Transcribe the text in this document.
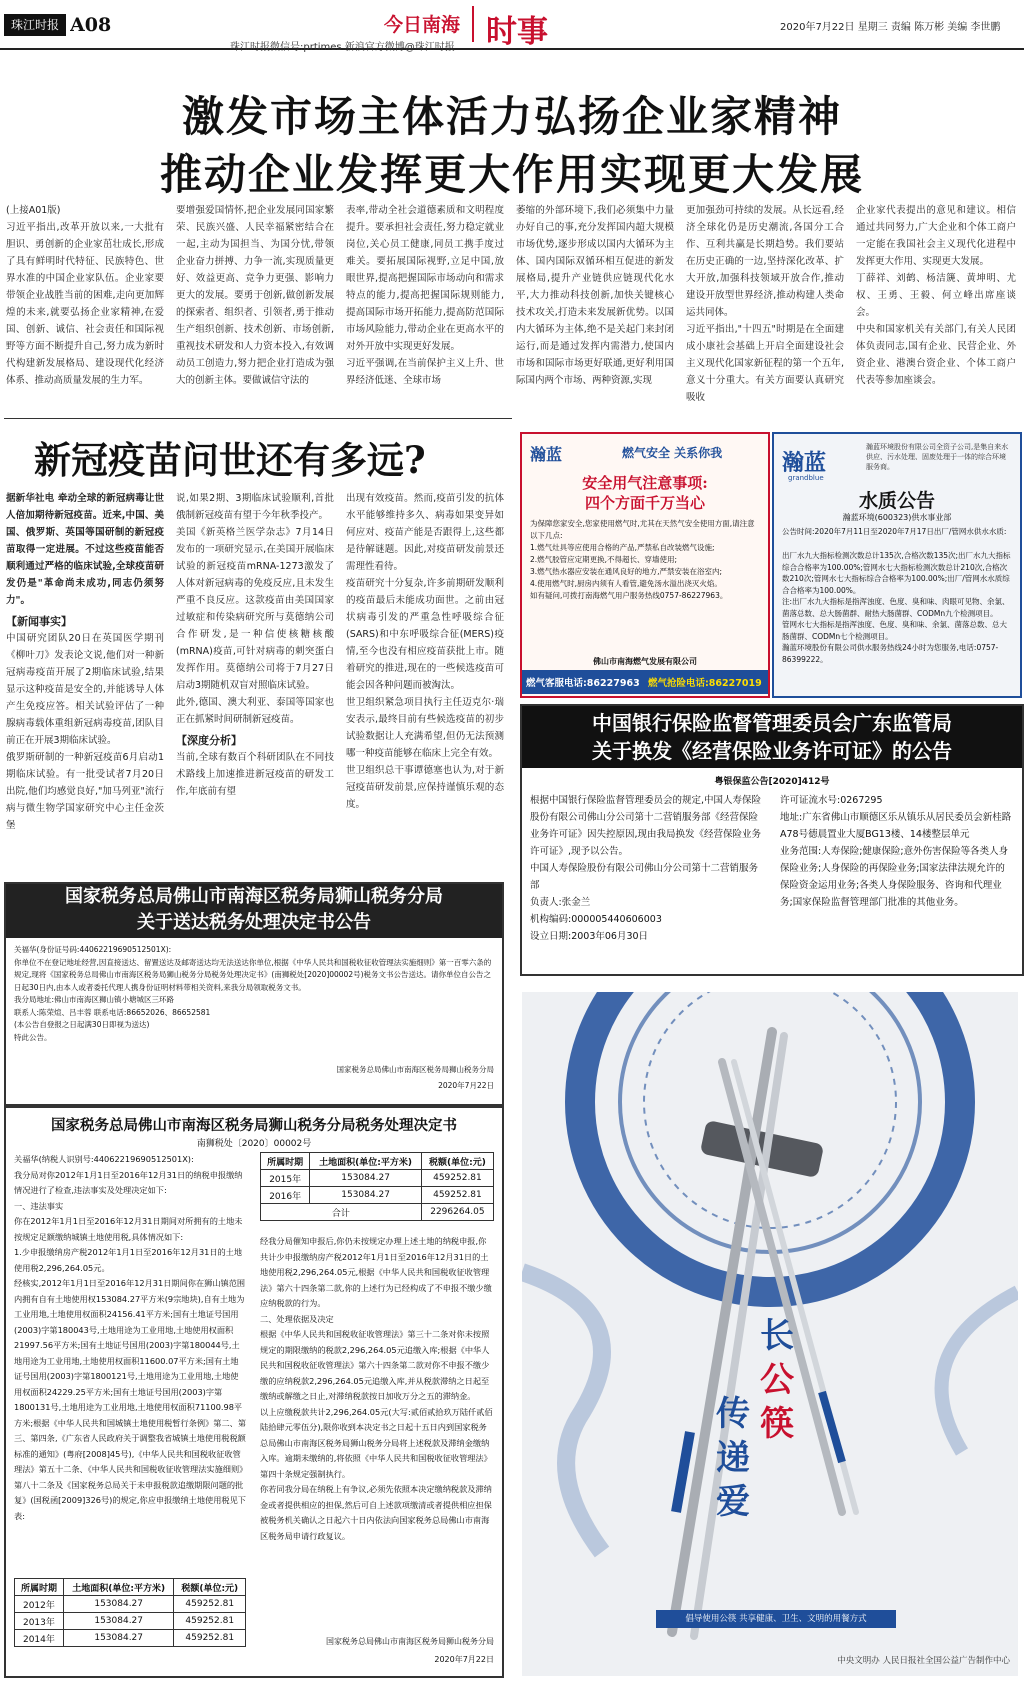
珠江时报 A08	今日南海
珠江时报微信号:prtimes 新浪官方微博@珠江时报 时事	2020年7月22日 星期三 责编 陈万彬 美编 李世鹏
激发市场主体活力弘扬企业家精神
推动企业发挥更大作用实现更大发展
(上接A01版)
习近平指出,改革开放以来,一大批有胆识、勇创新的企业家茁壮成长,形成了具有鲜明时代特征、民族特色、世界水准的中国企业家队伍。企业家要带领企业战胜当前的困难,走向更加辉煌的未来,就要弘扬企业家精神,在爱国、创新、诚信、社会责任和国际视野等方面不断提升自己,努力成为新时代构建新发展格局、建设现代化经济体系、推动高质量发展的生力军。
要增强爱国情怀,把企业发展同国家繁荣、民族兴盛、人民幸福紧密结合在一起,主动为国担当、为国分忧,带领企业奋力拼搏、力争一流,实现质量更好、效益更高、竞争力更强、影响力更大的发展。要勇于创新,做创新发展的探索者、组织者、引领者,勇于推动生产组织创新、技术创新、市场创新,重视技术研发和人力资本投入,有效调动员工创造力,努力把企业打造成为强大的创新主体。要做诚信守法的
表率,带动全社会道德素质和文明程度提升。要承担社会责任,努力稳定就业岗位,关心员工健康,同员工携手度过难关。要拓展国际视野,立足中国,放眼世界,提高把握国际市场动向和需求特点的能力,提高把握国际规则能力,提高国际市场开拓能力,提高防范国际市场风险能力,带动企业在更高水平的对外开放中实现更好发展。
习近平强调,在当前保护主义上升、世界经济低迷、全球市场
萎缩的外部环境下,我们必须集中力量办好自己的事,充分发挥国内超大规模市场优势,逐步形成以国内大循环为主体、国内国际双循环相互促进的新发展格局,提升产业链供应链现代化水平,大力推动科技创新,加快关键核心技术攻关,打造未来发展新优势。以国内大循环为主体,绝不是关起门来封闭运行,而是通过发挥内需潜力,使国内市场和国际市场更好联通,更好利用国际国内两个市场、两种资源,实现
更加强劲可持续的发展。从长远看,经济全球化仍是历史潮流,各国分工合作、互利共赢是长期趋势。我们要站在历史正确的一边,坚持深化改革、扩大开放,加强科技领域开放合作,推动建设开放型世界经济,推动构建人类命运共同体。
习近平指出,"十四五"时期是在全面建成小康社会基础上开启全面建设社会主义现代化国家新征程的第一个五年,意义十分重大。有关方面要认真研究吸收
企业家代表提出的意见和建议。相信通过共同努力,广大企业和个体工商户一定能在我国社会主义现代化进程中发挥更大作用、实现更大发展。
丁薛祥、刘鹤、杨洁篪、黄坤明、尤权、王勇、王毅、何立峰出席座谈会。
中央和国家机关有关部门,有关人民团体负责同志,国有企业、民营企业、外资企业、港澳台资企业、个体工商户代表等参加座谈会。
新冠疫苗问世还有多远?
据新华社电 牵动全球的新冠病毒让世人倍加期待新冠疫苗。近来,中国、美国、俄罗斯、英国等国研制的新冠疫苗取得一定进展。不过这些疫苗能否顺利通过严格的临床试验,全球疫苗研发仍是"革命尚未成功,同志仍须努力"。
【新闻事实】
中国研究团队20日在英国医学期刊《柳叶刀》发表论文说,他们对一种新冠病毒疫苗开展了2期临床试验,结果显示这种疫苗是安全的,并能诱导人体产生免疫应答。相关试验评估了一种腺病毒载体重组新冠病毒疫苗,团队目前正在开展3期临床试验。
俄罗斯研制的一种新冠疫苗6月启动1期临床试验。有一批受试者7月20日出院,他们均感觉良好,"加马列亚"流行病与微生物学国家研究中心主任金茨堡
说,如果2期、3期临床试验顺利,首批俄制新冠疫苗有望于今年秋季投产。
美国《新英格兰医学杂志》7月14日发布的一项研究显示,在美国开展临床试验的新冠疫苗mRNA-1273激发了人体对新冠病毒的免疫反应,且未发生严重不良反应。这款疫苗由美国国家过敏症和传染病研究所与莫德纳公司合作研发,是一种信使核糖核酸(mRNA)疫苗,可针对病毒的刺突蛋白发挥作用。莫德纳公司将于7月27日启动3期随机双盲对照临床试验。
此外,德国、澳大利亚、泰国等国家也正在抓紧时间研制新冠疫苗。
【深度分析】
当前,全球有数百个科研团队在不同技术路线上加速推进新冠疫苗的研发工作,年底前有望
出现有效疫苗。然而,疫苗引发的抗体水平能够维持多久、病毒如果变异如何应对、疫苗产能是否跟得上,这些都是待解谜题。因此,对疫苗研发前景还需理性看待。
疫苗研究十分复杂,许多前期研发顺利的疫苗最后未能成功面世。之前由冠状病毒引发的严重急性呼吸综合征(SARS)和中东呼吸综合征(MERS)疫情,至今也没有相应疫苗获批上市。随着研究的推进,现在的一些候选疫苗可能会因各种问题而被淘汰。
世卫组织紧急项目执行主任迈克尔·瑞安表示,最终目前有些候选疫苗的初步试验数据让人充满希望,但仍无法预测哪一种疫苗能够在临床上完全有效。
世卫组织总干事谭德塞也认为,对于新冠疫苗研发前景,应保持谨慎乐观的态度。
瀚蓝	燃气安全 关系你我
安全用气注意事项:
四个方面千万当心
为保障您家安全,您家使用燃气时,尤其在天然气安全使用方面,请注意以下几点:
1.燃气灶具等应使用合格的产品,严禁私自改装燃气设施;
2.燃气胶管应定期更换,不得超长、穿墙使用;
3.燃气热水器应安装在通风良好的地方,严禁安装在浴室内;
4.使用燃气时,厨房内须有人看管,避免汤水溢出浇灭火焰。
如有疑问,可拨打南海燃气用户服务热线0757-86227963。
佛山市南海燃气发展有限公司
燃气客服电话:86227963 燃气抢险电话:86227019
瀚蓝
grandblue
瀚蓝环境股份有限公司全资子公司,是集自来水供应、污水处理、固废处理于一体的综合环境服务商。
水质公告
瀚蓝环境(600323)供水事业部
公告时间:2020年7月11日至2020年7月17日出厂/管网水供水水质:
出厂水九大指标检测次数总计135次,合格次数135次;出厂水九大指标综合合格率为100.00%;管网水七大指标检测次数总计210次,合格次数210次;管网水七大指标综合合格率为100.00%;出厂/管网水水质综合合格率为100.00%。
注:出厂水九大指标是指浑浊度、色度、臭和味、肉眼可见物、余氯、菌落总数、总大肠菌群、耐热大肠菌群、CODMn九个检测项目。
管网水七大指标是指浑浊度、色度、臭和味、余氯、菌落总数、总大肠菌群、CODMn七个检测项目。
瀚蓝环境股份有限公司供水服务热线24小时为您服务,电话:0757-86399222。
中国银行保险监督管理委员会广东监管局
关于换发《经营保险业务许可证》的公告
粤银保监公告[2020]412号
根据中国银行保险监督管理委员会的规定,中国人寿保险股份有限公司佛山分公司第十二营销服务部《经营保险业务许可证》因失控原因,现由我局换发《经营保险业务许可证》,现予以公告。
中国人寿保险股份有限公司佛山分公司第十二营销服务部
负责人:张金兰
机构编码:000005440606003
设立日期:2003年06月30日
许可证流水号:0267295
地址:广东省佛山市顺德区乐从镇乐从居民委员会新桂路A78号德晨置业大厦BG13楼、14楼整层单元
业务范围:人寿保险;健康保险;意外伤害保险等各类人身保险业务;人身保险的再保险业务;国家法律法规允许的保险资金运用业务;各类人身保险服务、咨询和代理业务;国家保险监督管理部门批准的其他业务。
国家税务总局佛山市南海区税务局狮山税务分局
关于送达税务处理决定书公告
关福华(身份证号码:44062219690512501X):
你单位不在登记地址经营,因直接送达、留置送达及邮寄送达均无法送达你单位,根据《中华人民共和国税收征收管理法实施细则》第一百零六条的规定,现将《国家税务总局佛山市南海区税务局狮山税务分局税务处理决定书》(南狮税处[2020]00002号)税务文书公告送达。请你单位自公告之日起30日内,由本人或者委托代理人携身份证明材料带相关资料,来我分局领取税务文书。
我分局地址:佛山市南海区狮山镇小塘城区三环路
联系人:陈荣煊、吕丰蓉 联系电话:86652026、86652581
(本公告自登报之日起满30日即视为送达)
特此公告。
国家税务总局佛山市南海区税务局狮山税务分局
2020年7月22日
国家税务总局佛山市南海区税务局狮山税务分局税务处理决定书
南狮税处〔2020〕00002号
关福华(纳税人识别号:44062219690512501X):
我分局对你2012年1月1日至2016年12月31日的纳税申报缴纳情况进行了检查,违法事实及处理决定如下:
一、违法事实
你在2012年1月1日至2016年12月31日期间对所拥有的土地未按规定足额缴纳城镇土地使用税,具体情况如下:
1.少申报缴纳房产税2012年1月1日至2016年12月31日的土地使用税2,296,264.05元。
经核实,2012年1月1日至2016年12月31日期间你在狮山镇范围内拥有自有土地使用权153084.27平方米(9宗地块),自有土地为工业用地,土地使用权面积24156.41平方米;国有土地证号国用(2003)字第180043号,土地用途为工业用地,土地使用权面积21997.56平方米;国有土地证号国用(2003)字第180044号,土地用途为工业用地,土地使用权面积11600.07平方米;国有土地证号国用(2003)字第1800121号,土地用途为工业用地,土地使用权面积24229.25平方米;国有土地证号国用(2003)字第1800131号,土地用途为工业用地,土地使用权面积71100.98平方米;根据《中华人民共和国城镇土地使用税暂行条例》第二、第三、第四条,《广东省人民政府关于调整我省城镇土地使用税税额标准的通知》(粤府[2008]45号),《中华人民共和国税收征收管理法》第五十二条、《中华人民共和国税收征收管理法实施细则》第八十二条及《国家税务总局关于未申报税款追缴期限问题的批复》(国税函[2009]326号)的规定,你应申报缴纳土地使用税见下表:
所属时期	土地面积(单位:平方米)	税额(单位:元)
2015年	153084.27	459252.81
2016年	153084.27	459252.81
合计		2296264.05
经我分局催知申报后,你仍未按规定办理上述土地的纳税申报,你共计少申报缴纳房产税2012年1月1日至2016年12月31日的土地使用税2,296,264.05元,根据《中华人民共和国税收征收管理法》第六十四条第二款,你的上述行为已经构成了不申报不缴少缴应纳税款的行为。
二、处理依据及决定
根据《中华人民共和国税收征收管理法》第三十二条对你未按照规定的期限缴纳的税款2,296,264.05元追缴入库;根据《中华人民共和国税收征收管理法》第六十四条第二款对你不申报不缴少缴的应纳税款2,296,264.05元追缴入库,并从税款滞纳之日起至缴纳或解缴之日止,对滞纳税款按日加收万分之五的滞纳金。
以上应缴税款共计2,296,264.05元(大写:贰佰贰拾玖万陆仟贰佰陆拾肆元零伍分),限你收到本决定书之日起十五日内到国家税务总局佛山市南海区税务局狮山税务分局将上述税款及滞纳金缴纳入库。逾期未缴纳的,将依照《中华人民共和国税收征收管理法》第四十条规定强制执行。
你若同我分局在纳税上有争议,必须先依照本决定缴纳税款及滞纳金或者提供相应的担保,然后可自上述款项缴清或者提供相应担保被税务机关确认之日起六十日内依法向国家税务总局佛山市南海区税务局申请行政复议。
所属时期	土地面积(单位:平方米)	税额(单位:元)
2012年	153084.27	459252.81
2013年	153084.27	459252.81
2014年	153084.27	459252.81	国家税务总局佛山市南海区税务局狮山税务分局
2020年7月22日
传递爱
长
公筷
倡导使用公筷 共享健康、卫生、文明的用餐方式
中央文明办 人民日报社全国公益广告制作中心
